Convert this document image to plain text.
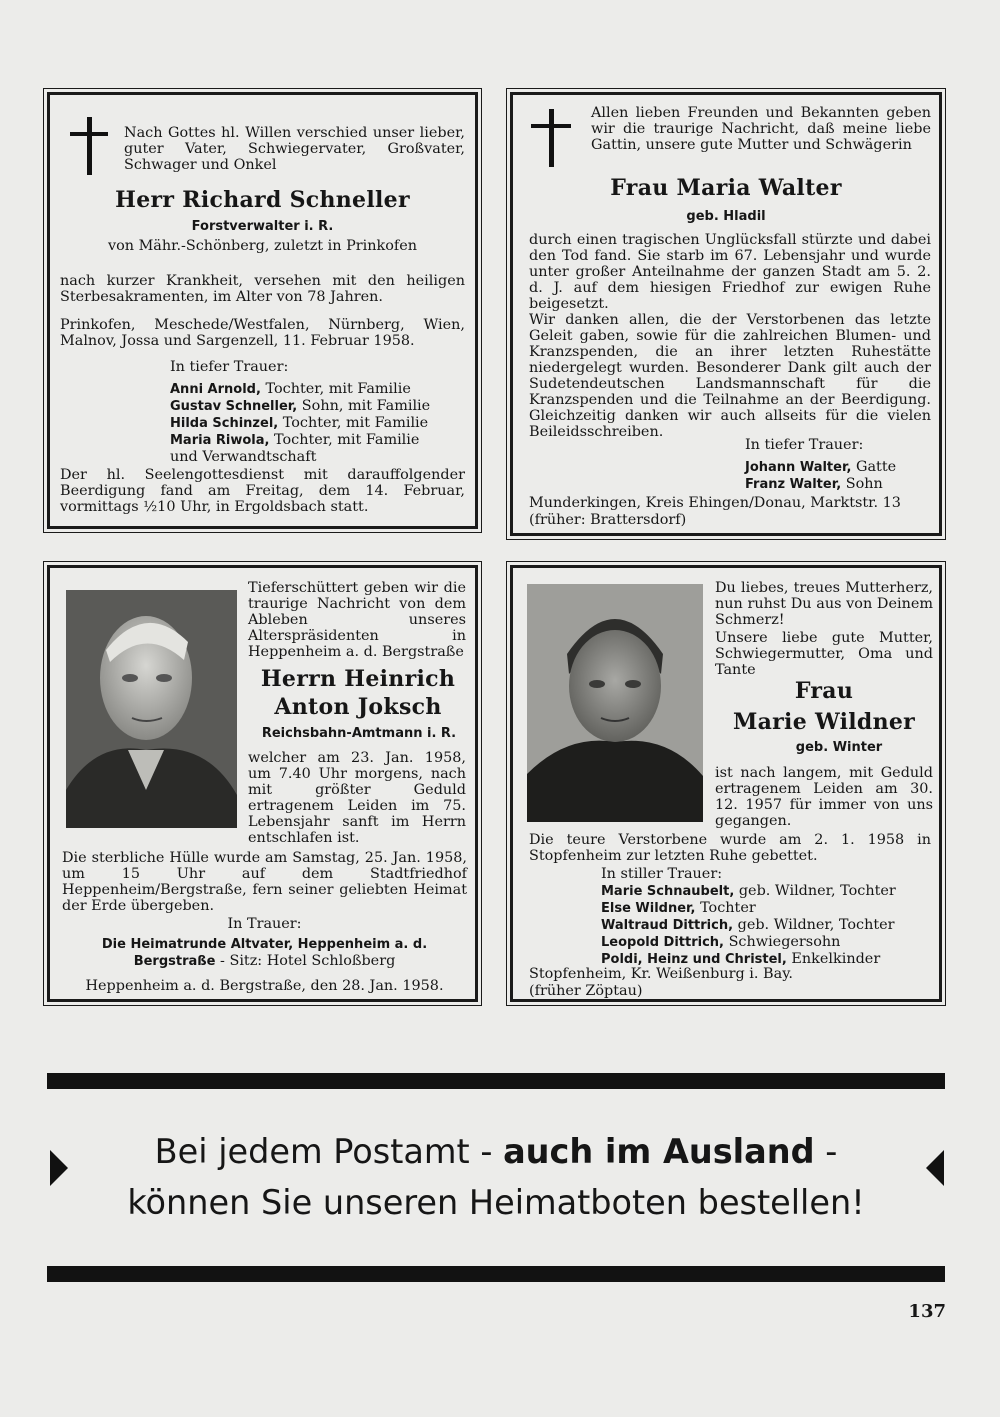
Nach Gottes hl. Willen verschied unser lieber, guter Vater, Schwiegervater, Großvater, Schwager und Onkel

Herr Richard Schneller

Forstverwalter i. R.

von Mähr.-Schönberg, zuletzt in Prinkofen

nach kurzer Krankheit, versehen mit den heiligen Sterbesakramenten, im Alter von 78 Jahren.

Prinkofen, Meschede/Westfalen, Nürnberg, Wien, Malnov, Jossa und Sargenzell, 11. Februar 1958.

In tiefer Trauer:

Anni Arnold, Tochter, mit Familie

Gustav Schneller, Sohn, mit Familie

Hilda Schinzel, Tochter, mit Familie

Maria Riwola, Tochter, mit Familie

und Verwandtschaft

Der hl. Seelengottesdienst mit darauffolgender Beerdigung fand am Freitag, dem 14. Februar, vormittags ½10 Uhr, in Ergoldsbach statt.

Allen lieben Freunden und Bekannten geben wir die traurige Nachricht, daß meine liebe Gattin, unsere gute Mutter und Schwägerin

Frau Maria Walter

geb. Hladil

durch einen tragischen Unglücksfall stürzte und dabei den Tod fand. Sie starb im 67. Lebensjahr und wurde unter großer Anteilnahme der ganzen Stadt am 5. 2. d. J. auf dem hiesigen Friedhof zur ewigen Ruhe beigesetzt.

Wir danken allen, die der Verstorbenen das letzte Geleit gaben, sowie für die zahlreichen Blumen- und Kranzspenden, die an ihrer letzten Ruhestätte niedergelegt wurden. Besonderer Dank gilt auch der Sudetendeutschen Landsmannschaft für die Kranzspenden und die Teilnahme an der Beerdigung. Gleichzeitig danken wir auch allseits für die vielen Beileidsschreiben.

In tiefer Trauer:

Johann Walter, Gatte

Franz Walter, Sohn

Munderkingen, Kreis Ehingen/Donau, Marktstr. 13

(früher: Brattersdorf)

Tieferschüttert geben wir die traurige Nachricht von dem Ableben unseres Alterspräsidenten in Heppenheim a. d. Bergstraße

Herrn Heinrich

Anton Joksch

Reichsbahn-Amtmann i. R.

welcher am 23. Jan. 1958, um 7.40 Uhr morgens, nach mit größter Geduld ertragenem Leiden im 75. Lebensjahr sanft im Herrn entschlafen ist.

Die sterbliche Hülle wurde am Samstag, 25. Jan. 1958, um 15 Uhr auf dem Stadtfriedhof Heppenheim/Bergstraße, fern seiner geliebten Heimat der Erde übergeben.

In Trauer:

Die Heimatrunde Altvater, Heppenheim a. d. Bergstraße - Sitz: Hotel Schloßberg

Heppenheim a. d. Bergstraße, den 28. Jan. 1958.

Du liebes, treues Mutterherz, nun ruhst Du aus von Deinem Schmerz!

Unsere liebe gute Mutter, Schwiegermutter, Oma und Tante

Frau

Marie Wildner

geb. Winter

ist nach langem, mit Geduld ertragenem Leiden am 30. 12. 1957 für immer von uns gegangen.

Die teure Verstorbene wurde am 2. 1. 1958 in Stopfenheim zur letzten Ruhe gebettet.

In stiller Trauer:

Marie Schnaubelt, geb. Wildner, Tochter

Else Wildner, Tochter

Waltraud Dittrich, geb. Wildner, Tochter

Leopold Dittrich, Schwiegersohn

Poldi, Heinz und Christel, Enkelkinder

Stopfenheim, Kr. Weißenburg i. Bay.

(früher Zöptau)

Bei jedem Postamt - auch im Ausland -

können Sie unseren Heimatboten bestellen!

137
